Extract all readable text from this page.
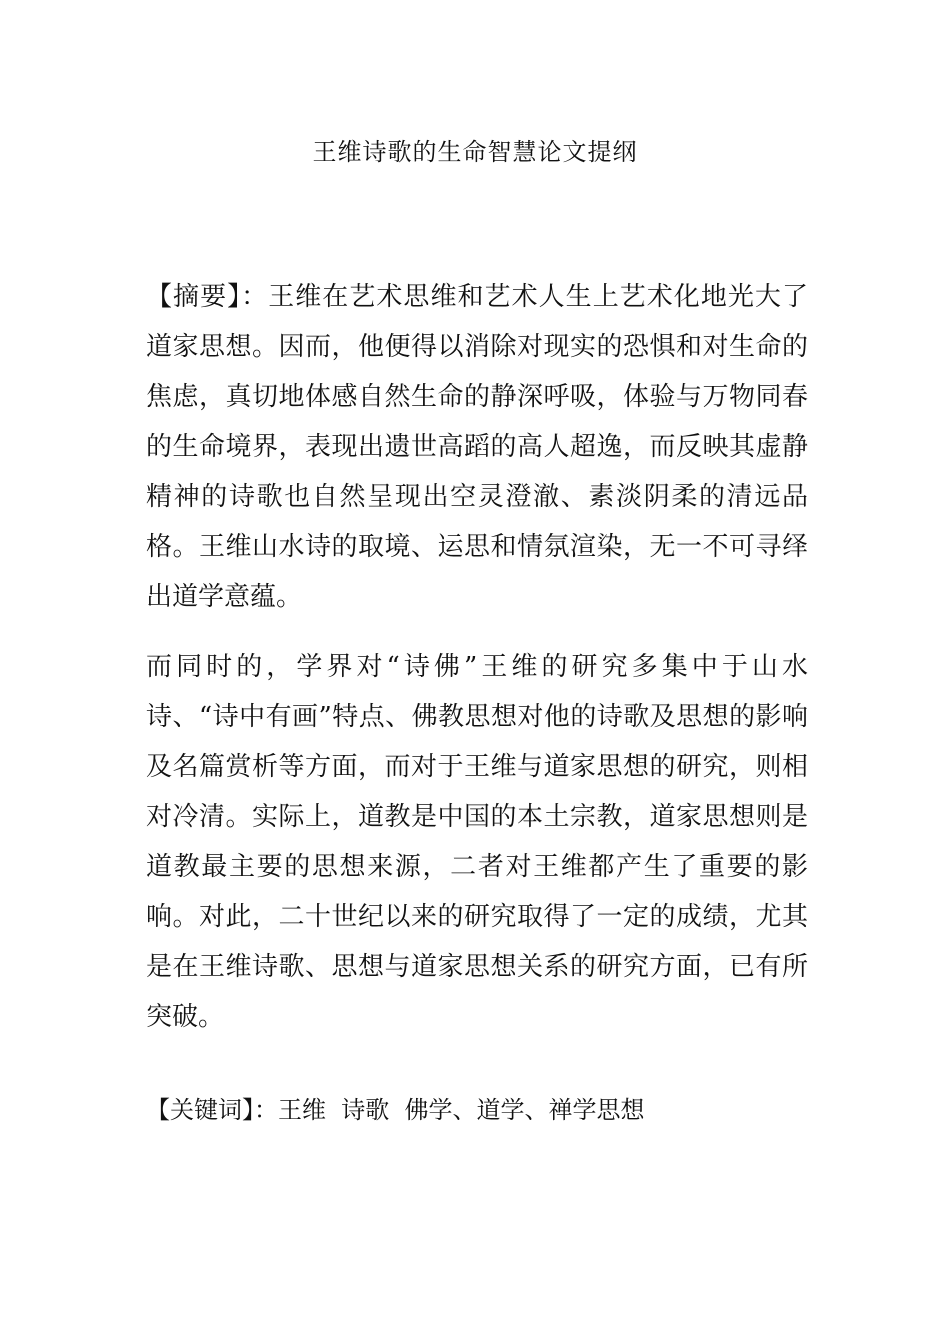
王维诗歌的生命智慧论文提纲

【摘要】：王维在艺术思维和艺术人生上艺术化地光大了道家思想。因而，他便得以消除对现实的恐惧和对生命的焦虑，真切地体感自然生命的静深呼吸，体验与万物同春的生命境界，表现出遗世高蹈的高人超逸，而反映其虚静精神的诗歌也自然呈现出空灵澄澈、素淡阴柔的清远品格。王维山水诗的取境、运思和情氛渲染，无一不可寻绎出道学意蕴。

而同时的，学界对“诗佛”王维的研究多集中于山水诗、“诗中有画”特点、佛教思想对他的诗歌及思想的影响及名篇赏析等方面，而对于王维与道家思想的研究，则相对冷清。实际上，道教是中国的本土宗教，道家思想则是道教最主要的思想来源，二者对王维都产生了重要的影响。对此，二十世纪以来的研究取得了一定的成绩，尤其是在王维诗歌、思想与道家思想关系的研究方面，已有所突破。

【关键词】：王维 诗歌 佛学、道学、禅学思想
